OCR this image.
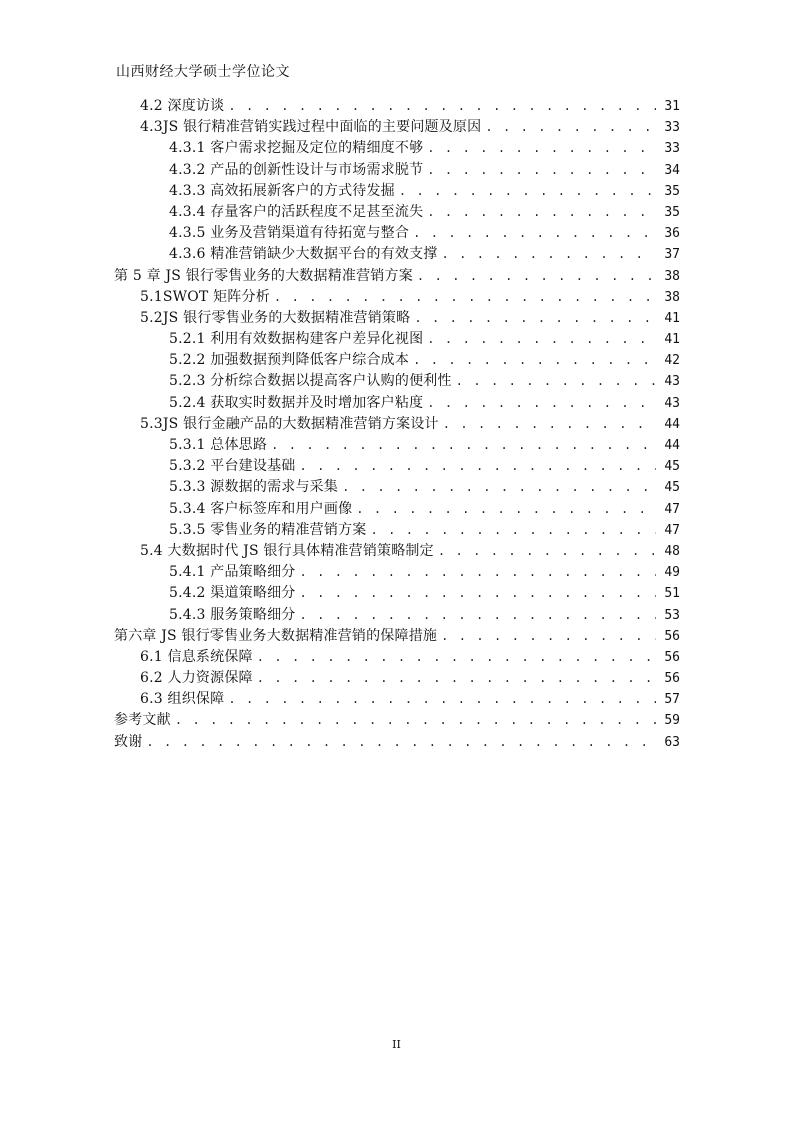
山西财经大学硕士学位论文
4.2 深度访谈 . . .	31
4.3JS 银行精准营销实践过程中面临的主要问题及原因 . . .	33
4.3.1 客户需求挖掘及定位的精细度不够 . . .	33
4.3.2 产品的创新性设计与市场需求脱节 . . .	34
4.3.3 高效拓展新客户的方式待发掘 . . .	35
4.3.4 存量客户的活跃程度不足甚至流失 . . .	35
4.3.5 业务及营销渠道有待拓宽与整合 . . .	36
4.3.6 精准营销缺少大数据平台的有效支撑 . . .	37
第 5 章 JS 银行零售业务的大数据精准营销方案 . . .	38
5.1SWOT 矩阵分析 . . .	38
5.2JS 银行零售业务的大数据精准营销策略 . . .	41
5.2.1 利用有效数据构建客户差异化视图 . . .	41
5.2.2 加强数据预判降低客户综合成本 . . .	42
5.2.3 分析综合数据以提高客户认购的便利性 . . .	43
5.2.4 获取实时数据并及时增加客户粘度 . . .	43
5.3JS 银行金融产品的大数据精准营销方案设计 . . .	44
5.3.1 总体思路 . . .	44
5.3.2 平台建设基础 . . .	45
5.3.3 源数据的需求与采集 . . .	45
5.3.4 客户标签库和用户画像 . . .	47
5.3.5 零售业务的精准营销方案 . . .	47
5.4 大数据时代 JS 银行具体精准营销策略制定 . . .	48
5.4.1 产品策略细分 . . .	49
5.4.2 渠道策略细分 . . .	51
5.4.3 服务策略细分 . . .	53
第六章 JS 银行零售业务大数据精准营销的保障措施 . . .	56
6.1 信息系统保障 . . .	56
6.2 人力资源保障 . . .	56
6.3 组织保障 . . .	57
参考文献 . . .	59
致谢 . . .	63
II
